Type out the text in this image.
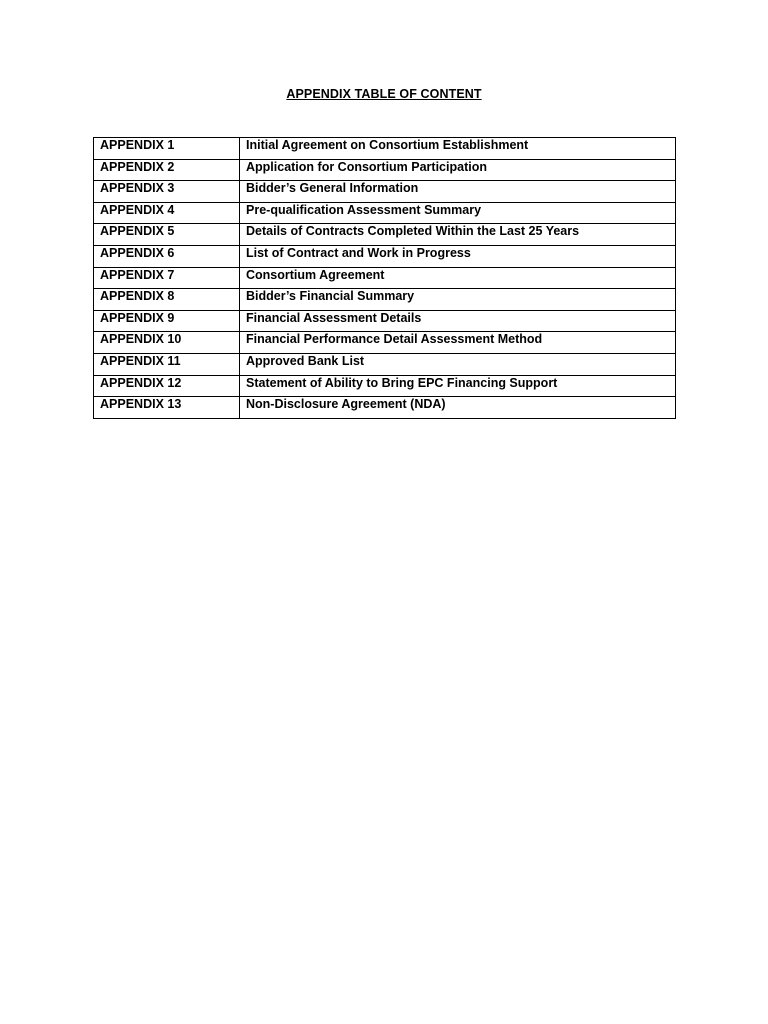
APPENDIX TABLE OF CONTENT
APPENDIX 1	Initial Agreement on Consortium Establishment
APPENDIX 2	Application for Consortium Participation
APPENDIX 3	Bidder’s General Information
APPENDIX 4	Pre-qualification Assessment Summary
APPENDIX 5	Details of Contracts Completed Within the Last 25 Years
APPENDIX 6	List of Contract and Work in Progress
APPENDIX 7	Consortium Agreement
APPENDIX 8	Bidder’s Financial Summary
APPENDIX 9	Financial Assessment Details
APPENDIX 10	Financial Performance Detail Assessment Method
APPENDIX 11	Approved Bank List
APPENDIX 12	Statement of Ability to Bring EPC Financing Support
APPENDIX 13	Non-Disclosure Agreement (NDA)
